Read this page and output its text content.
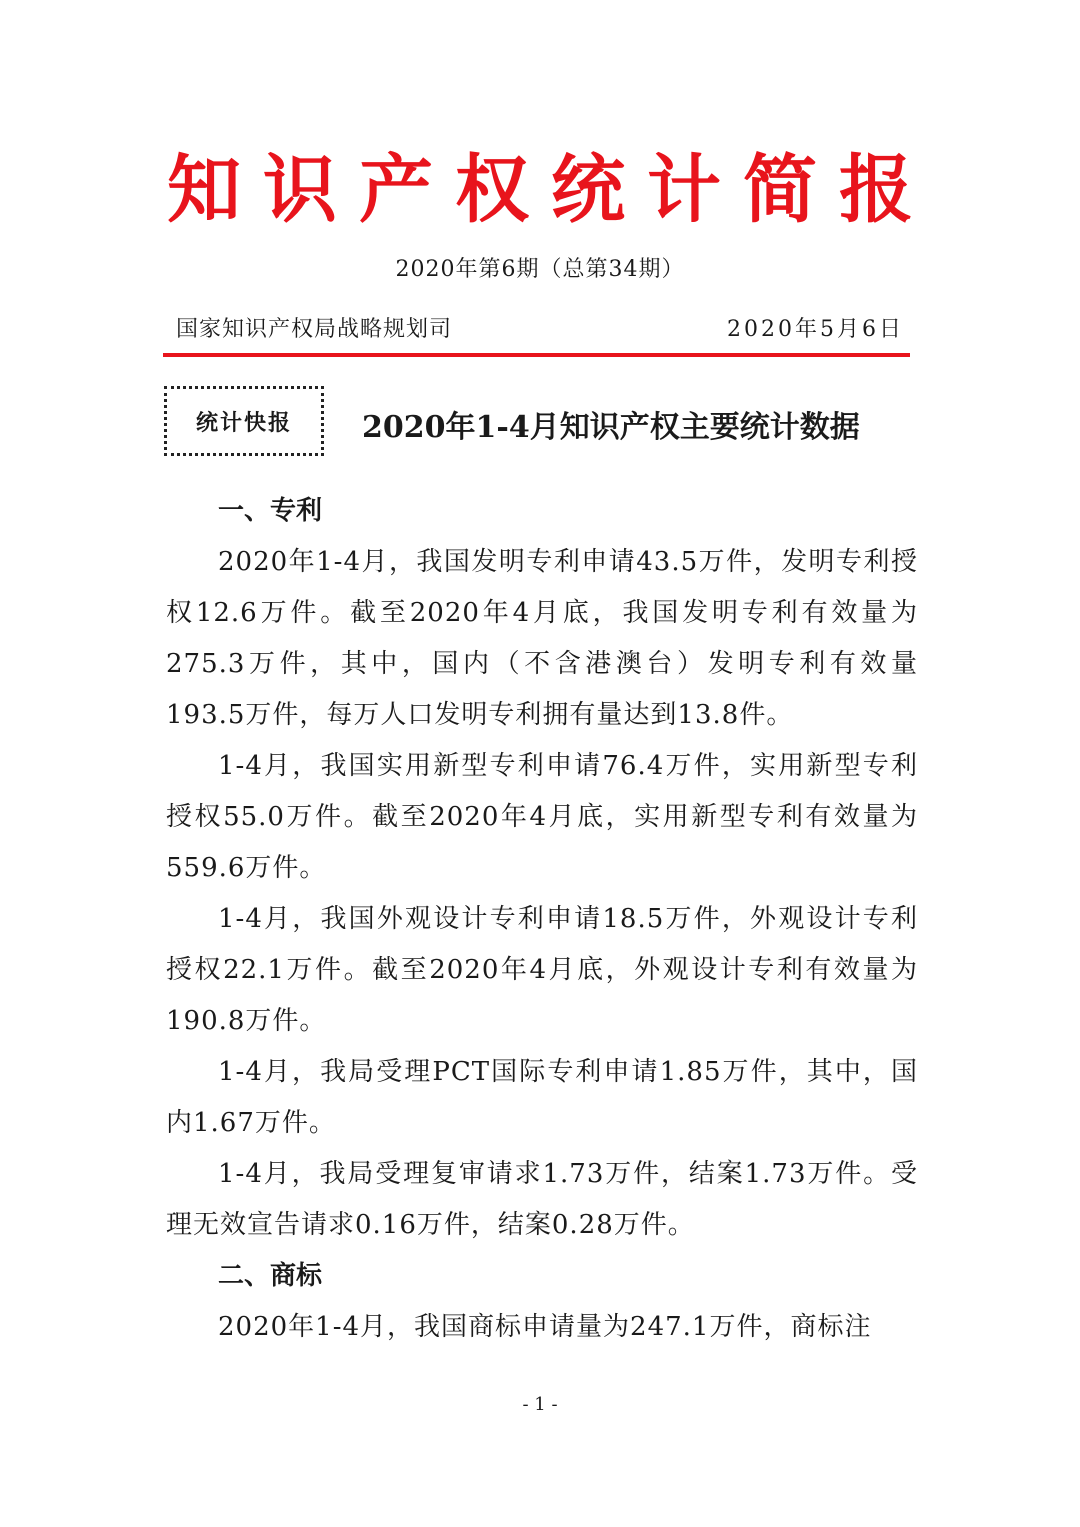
知识产权统计简报
2020年第6期（总第34期）
国家知识产权局战略规划司	2020年5月6日
统计快报 2020年1-4月知识产权主要统计数据
一、专利

2020年1-4月，我国发明专利申请43.5万件，发明专利授权12.6万件。截至2020年4月底，我国发明专利有效量为275.3万件，其中，国内（不含港澳台）发明专利有效量193.5万件，每万人口发明专利拥有量达到13.8件。

1-4月，我国实用新型专利申请76.4万件，实用新型专利授权55.0万件。截至2020年4月底，实用新型专利有效量为559.6万件。

1-4月，我国外观设计专利申请18.5万件，外观设计专利授权22.1万件。截至2020年4月底，外观设计专利有效量为190.8万件。

1-4月，我局受理PCT国际专利申请1.85万件，其中，国内1.67万件。

1-4月，我局受理复审请求1.73万件，结案1.73万件。受理无效宣告请求0.16万件，结案0.28万件。

二、商标

2020年1-4月，我国商标申请量为247.1万件，商标注

- 1 -
